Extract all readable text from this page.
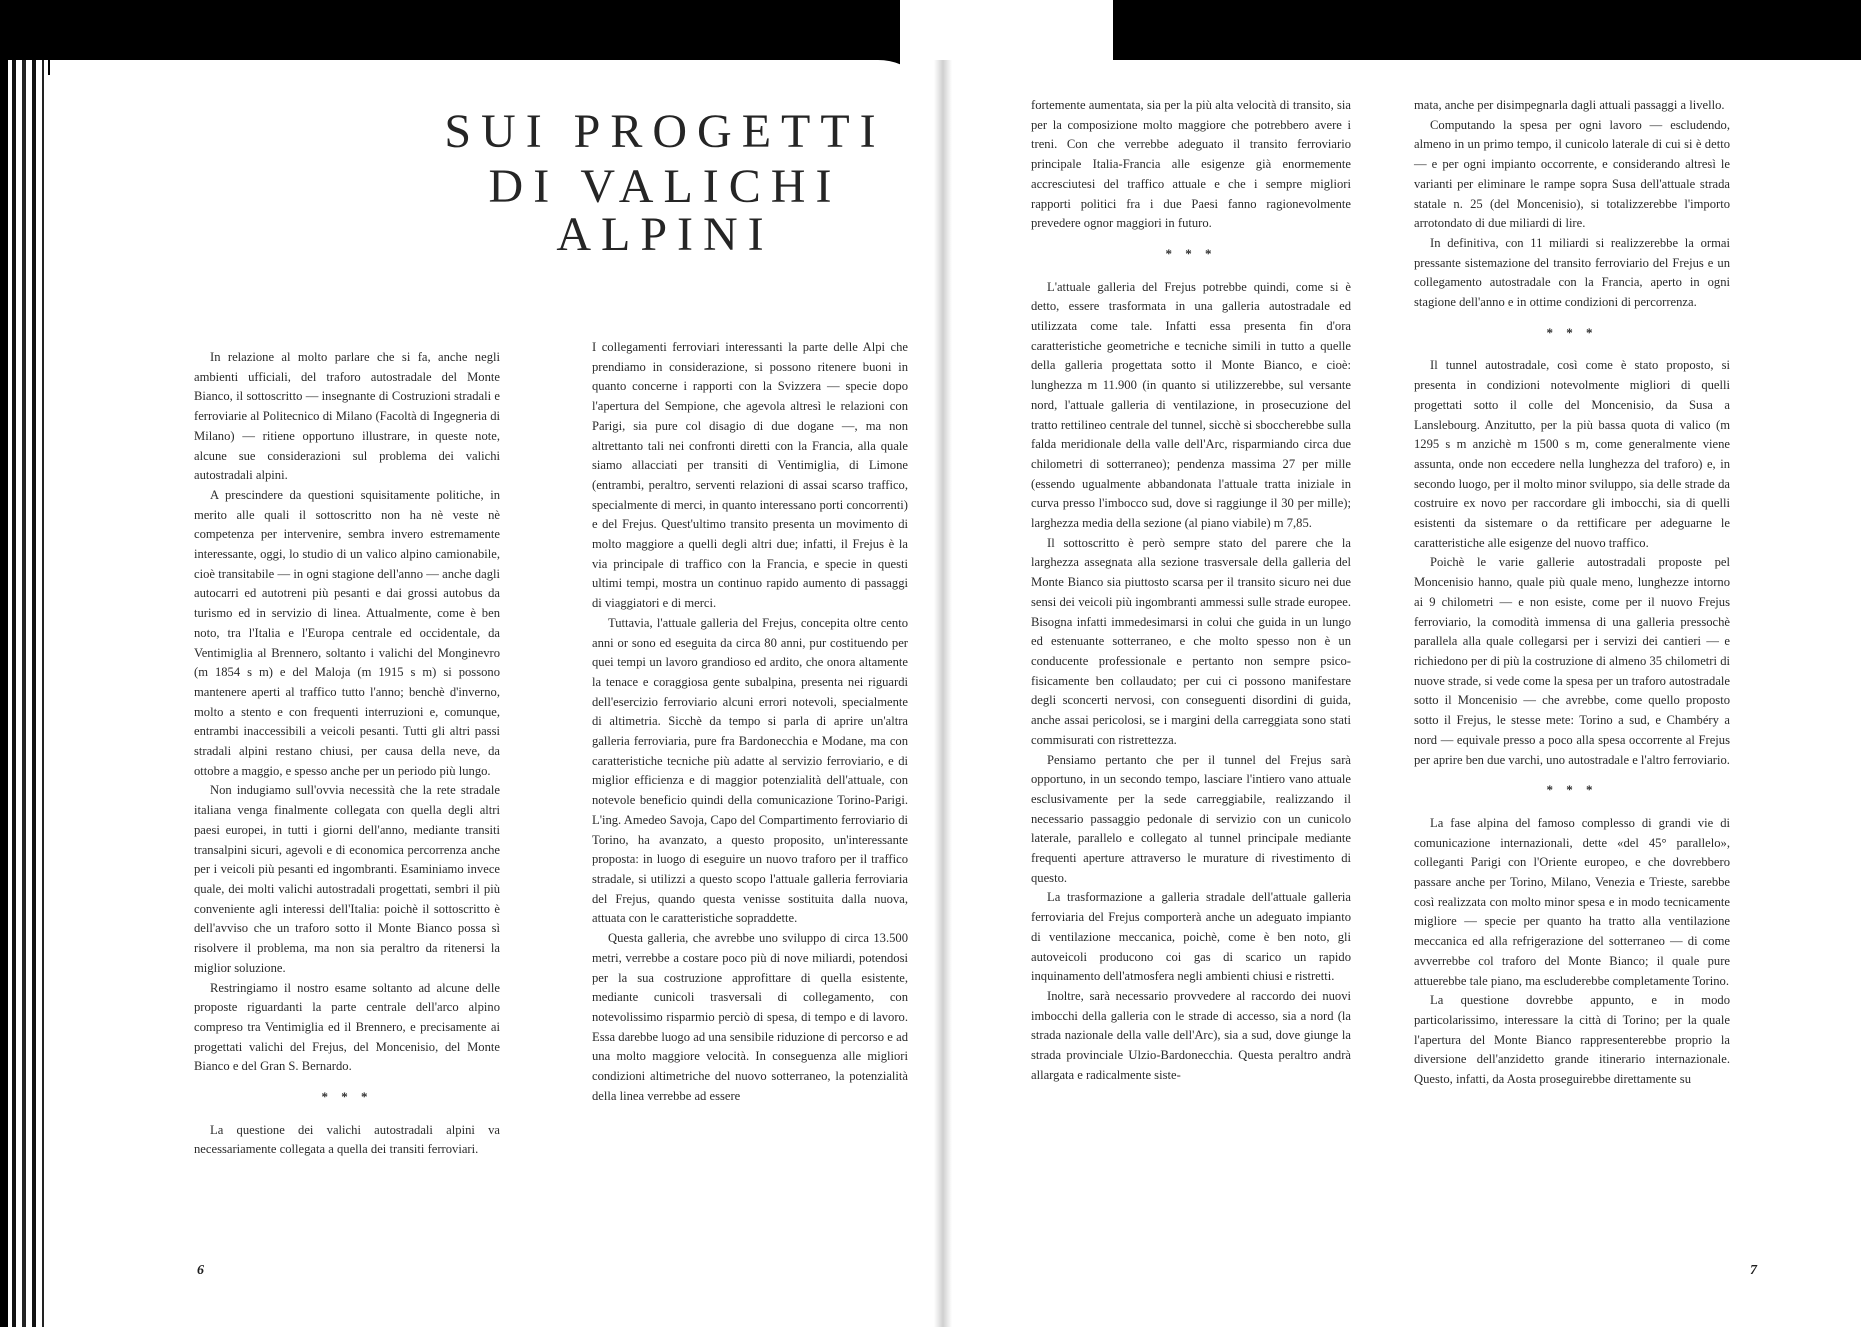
SUI PROGETTI
DI VALICHI ALPINI

In relazione al molto parlare che si fa, anche negli ambienti ufficiali, del traforo autostradale del Monte Bianco, il sottoscritto — insegnante di Costruzioni stradali e ferroviarie al Politecnico di Milano (Facoltà di Ingegneria di Milano) — ritiene opportuno illustrare, in queste note, alcune sue considerazioni sul problema dei valichi autostradali alpini.

A prescindere da questioni squisitamente politiche, in merito alle quali il sottoscritto non ha nè veste nè competenza per intervenire, sembra invero estremamente interessante, oggi, lo studio di un valico alpino camionabile, cioè transitabile — in ogni stagione dell'anno — anche dagli autocarri ed autotreni più pesanti e dai grossi autobus da turismo ed in servizio di linea. Attualmente, come è ben noto, tra l'Italia e l'Europa centrale ed occidentale, da Ventimiglia al Brennero, soltanto i valichi del Monginevro (m 1854 s m) e del Maloja (m 1915 s m) si possono mantenere aperti al traffico tutto l'anno; benchè d'inverno, molto a stento e con frequenti interruzioni e, comunque, entrambi inaccessibili a veicoli pesanti. Tutti gli altri passi stradali alpini restano chiusi, per causa della neve, da ottobre a maggio, e spesso anche per un periodo più lungo.

Non indugiamo sull'ovvia necessità che la rete stradale italiana venga finalmente collegata con quella degli altri paesi europei, in tutti i giorni dell'anno, mediante transiti transalpini sicuri, agevoli e di economica percorrenza anche per i veicoli più pesanti ed ingombranti. Esaminiamo invece quale, dei molti valichi autostradali progettati, sembri il più conveniente agli interessi dell'Italia: poichè il sottoscritto è dell'avviso che un traforo sotto il Monte Bianco possa sì risolvere il problema, ma non sia peraltro da ritenersi la miglior soluzione.

Restringiamo il nostro esame soltanto ad alcune delle proposte riguardanti la parte centrale dell'arco alpino compreso tra Ventimiglia ed il Brennero, e precisamente ai progettati valichi del Frejus, del Moncenisio, del Monte Bianco e del Gran S. Bernardo.

* * *

La questione dei valichi autostradali alpini va necessariamente collegata a quella dei transiti ferroviari.

I collegamenti ferroviari interessanti la parte delle Alpi che prendiamo in considerazione, si possono ritenere buoni in quanto concerne i rapporti con la Svizzera — specie dopo l'apertura del Sempione, che agevola altresì le relazioni con Parigi, sia pure col disagio di due dogane —, ma non altrettanto tali nei confronti diretti con la Francia, alla quale siamo allacciati per transiti di Ventimiglia, di Limone (entrambi, peraltro, serventi relazioni di assai scarso traffico, specialmente di merci, in quanto interessano porti concorrenti) e del Frejus. Quest'ultimo transito presenta un movimento di molto maggiore a quelli degli altri due; infatti, il Frejus è la via principale di traffico con la Francia, e specie in questi ultimi tempi, mostra un continuo rapido aumento di passaggi di viaggiatori e di merci.

Tuttavia, l'attuale galleria del Frejus, concepita oltre cento anni or sono ed eseguita da circa 80 anni, pur costituendo per quei tempi un lavoro grandioso ed ardito, che onora altamente la tenace e coraggiosa gente subalpina, presenta nei riguardi dell'esercizio ferroviario alcuni errori notevoli, specialmente di altimetria. Sicchè da tempo si parla di aprire un'altra galleria ferroviaria, pure fra Bardonecchia e Modane, ma con caratteristiche tecniche più adatte al servizio ferroviario, e di miglior efficienza e di maggior potenzialità dell'attuale, con notevole beneficio quindi della comunicazione Torino-Parigi. L'ing. Amedeo Savoja, Capo del Compartimento ferroviario di Torino, ha avanzato, a questo proposito, un'interessante proposta: in luogo di eseguire un nuovo traforo per il traffico stradale, si utilizzi a questo scopo l'attuale galleria ferroviaria del Frejus, quando questa venisse sostituita dalla nuova, attuata con le caratteristiche sopraddette.

Questa galleria, che avrebbe uno sviluppo di circa 13.500 metri, verrebbe a costare poco più di nove miliardi, potendosi per la sua costruzione approfittare di quella esistente, mediante cunicoli trasversali di collegamento, con notevolissimo risparmio perciò di spesa, di tempo e di lavoro. Essa darebbe luogo ad una sensibile riduzione di percorso e ad una molto maggiore velocità. In conseguenza alle migliori condizioni altimetriche del nuovo sotterraneo, la potenzialità della linea verrebbe ad essere

fortemente aumentata, sia per la più alta velocità di transito, sia per la composizione molto maggiore che potrebbero avere i treni. Con che verrebbe adeguato il transito ferroviario principale Italia-Francia alle esigenze già enormemente accresciutesi del traffico attuale e che i sempre migliori rapporti politici fra i due Paesi fanno ragionevolmente prevedere ognor maggiori in futuro.

* * *

L'attuale galleria del Frejus potrebbe quindi, come si è detto, essere trasformata in una galleria autostradale ed utilizzata come tale. Infatti essa presenta fin d'ora caratteristiche geometriche e tecniche simili in tutto a quelle della galleria progettata sotto il Monte Bianco, e cioè: lunghezza m 11.900 (in quanto si utilizzerebbe, sul versante nord, l'attuale galleria di ventilazione, in prosecuzione del tratto rettilineo centrale del tunnel, sicchè si sboccherebbe sulla falda meridionale della valle dell'Arc, risparmiando circa due chilometri di sotterraneo); pendenza massima 27 per mille (essendo ugualmente abbandonata l'attuale tratta iniziale in curva presso l'imbocco sud, dove si raggiunge il 30 per mille); larghezza media della sezione (al piano viabile) m 7,85.

Il sottoscritto è però sempre stato del parere che la larghezza assegnata alla sezione trasversale della galleria del Monte Bianco sia piuttosto scarsa per il transito sicuro nei due sensi dei veicoli più ingombranti ammessi sulle strade europee. Bisogna infatti immedesimarsi in colui che guida in un lungo ed estenuante sotterraneo, e che molto spesso non è un conducente professionale e pertanto non sempre psico-fisicamente ben collaudato; per cui ci possono manifestare degli sconcerti nervosi, con conseguenti disordini di guida, anche assai pericolosi, se i margini della carreggiata sono stati commisurati con ristrettezza.

Pensiamo pertanto che per il tunnel del Frejus sarà opportuno, in un secondo tempo, lasciare l'intiero vano attuale esclusivamente per la sede carreggiabile, realizzando il necessario passaggio pedonale di servizio con un cunicolo laterale, parallelo e collegato al tunnel principale mediante frequenti aperture attraverso le murature di rivestimento di questo.

La trasformazione a galleria stradale dell'attuale galleria ferroviaria del Frejus comporterà anche un adeguato impianto di ventilazione meccanica, poichè, come è ben noto, gli autoveicoli producono coi gas di scarico un rapido inquinamento dell'atmosfera negli ambienti chiusi e ristretti.

Inoltre, sarà necessario provvedere al raccordo dei nuovi imbocchi della galleria con le strade di accesso, sia a nord (la strada nazionale della valle dell'Arc), sia a sud, dove giunge la strada provinciale Ulzio-Bardonecchia. Questa peraltro andrà allargata e radicalmente siste-

mata, anche per disimpegnarla dagli attuali passaggi a livello.

Computando la spesa per ogni lavoro — escludendo, almeno in un primo tempo, il cunicolo laterale di cui si è detto — e per ogni impianto occorrente, e considerando altresì le varianti per eliminare le rampe sopra Susa dell'attuale strada statale n. 25 (del Moncenisio), si totalizzerebbe l'importo arrotondato di due miliardi di lire.

In definitiva, con 11 miliardi si realizzerebbe la ormai pressante sistemazione del transito ferroviario del Frejus e un collegamento autostradale con la Francia, aperto in ogni stagione dell'anno e in ottime condizioni di percorrenza.

* * *

Il tunnel autostradale, così come è stato proposto, si presenta in condizioni notevolmente migliori di quelli progettati sotto il colle del Moncenisio, da Susa a Lanslebourg. Anzitutto, per la più bassa quota di valico (m 1295 s m anzichè m 1500 s m, come generalmente viene assunta, onde non eccedere nella lunghezza del traforo) e, in secondo luogo, per il molto minor sviluppo, sia delle strade da costruire ex novo per raccordare gli imbocchi, sia di quelli esistenti da sistemare o da rettificare per adeguarne le caratteristiche alle esigenze del nuovo traffico.

Poichè le varie gallerie autostradali proposte pel Moncenisio hanno, quale più quale meno, lunghezze intorno ai 9 chilometri — e non esiste, come per il nuovo Frejus ferroviario, la comodità immensa di una galleria pressochè parallela alla quale collegarsi per i servizi dei cantieri — e richiedono per di più la costruzione di almeno 35 chilometri di nuove strade, si vede come la spesa per un traforo autostradale sotto il Moncenisio — che avrebbe, come quello proposto sotto il Frejus, le stesse mete: Torino a sud, e Chambéry a nord — equivale presso a poco alla spesa occorrente al Frejus per aprire ben due varchi, uno autostradale e l'altro ferroviario.

* * *

La fase alpina del famoso complesso di grandi vie di comunicazione internazionali, dette «del 45° parallelo», colleganti Parigi con l'Oriente europeo, e che dovrebbero passare anche per Torino, Milano, Venezia e Trieste, sarebbe così realizzata con molto minor spesa e in modo tecnicamente migliore — specie per quanto ha tratto alla ventilazione meccanica ed alla refrigerazione del sotterraneo — di come avverrebbe col traforo del Monte Bianco; il quale pure attuerebbe tale piano, ma escluderebbe completamente Torino.

La questione dovrebbe appunto, e in modo particolarissimo, interessare la città di Torino; per la quale l'apertura del Monte Bianco rappresenterebbe proprio la diversione dell'anzidetto grande itinerario internazionale. Questo, infatti, da Aosta proseguirebbe direttamente su

6	7
